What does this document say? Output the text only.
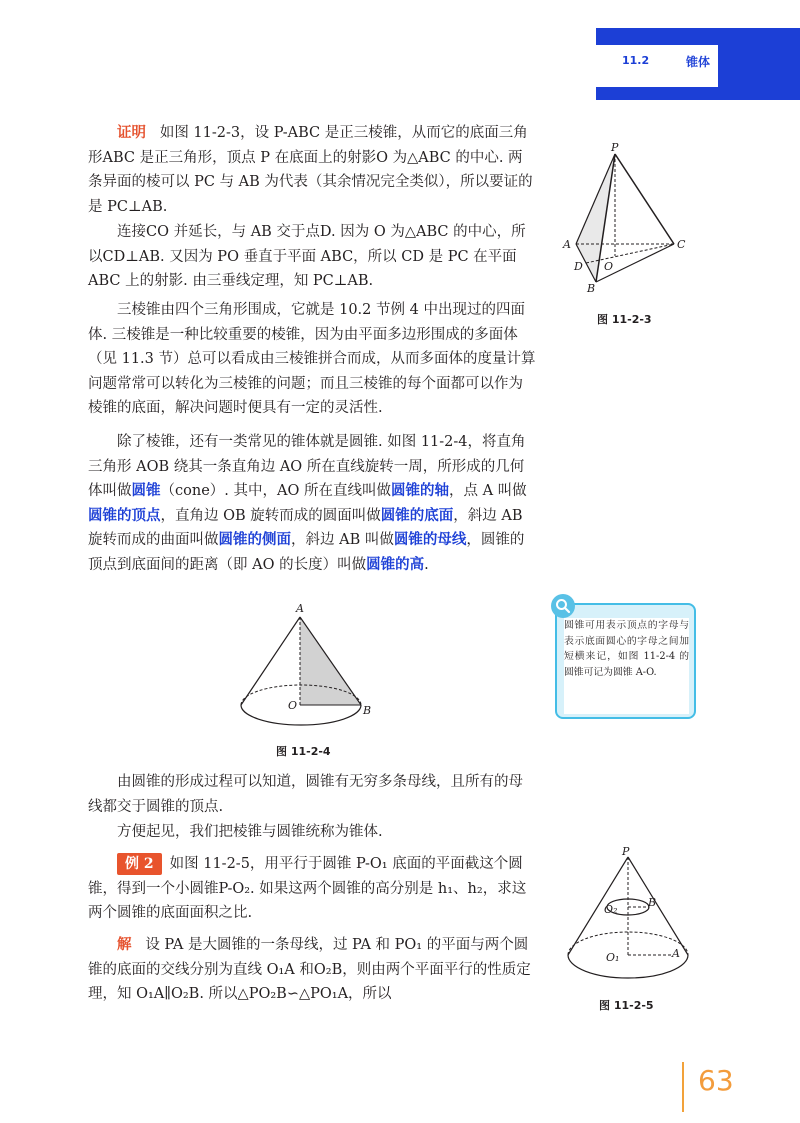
11.2	锥体

证明 如图 11-2-3，设 P-ABC 是正三棱锥，从而它的底面三角形ABC 是正三角形，顶点 P 在底面上的射影O 为△ABC 的中心. 两条异面的棱可以 PC 与 AB 为代表（其余情况完全类似），所以要证的是 PC⊥AB.

连接CO 并延长，与 AB 交于点D. 因为 O 为△ABC 的中心，所以CD⊥AB. 又因为 PO 垂直于平面 ABC，所以 CD 是 PC 在平面 ABC 上的射影. 由三垂线定理，知 PC⊥AB.

三棱锥由四个三角形围成，它就是 10.2 节例 4 中出现过的四面体. 三棱锥是一种比较重要的棱锥，因为由平面多边形围成的多面体（见 11.3 节）总可以看成由三棱锥拼合而成，从而多面体的度量计算问题常常可以转化为三棱锥的问题；而且三棱锥的每个面都可以作为棱锥的底面，解决问题时便具有一定的灵活性.

除了棱锥，还有一类常见的锥体就是圆锥. 如图 11-2-4，将直角三角形 AOB 绕其一条直角边 AO 所在直线旋转一周，所形成的几何体叫做圆锥（cone）. 其中，AO 所在直线叫做圆锥的轴，点 A 叫做圆锥的顶点，直角边 OB 旋转而成的圆面叫做圆锥的底面，斜边 AB 旋转而成的曲面叫做圆锥的侧面，斜边 AB 叫做圆锥的母线，圆锥的顶点到底面间的距离（即 AO 的长度）叫做圆锥的高.

P
A	C
D O
B
图 11-2-3
A
O	B
图 11-2-4

圆锥可用表示顶点的字母与表示底面圆心的字母之间加短横来记，如图 11-2-4 的圆锥可记为圆锥 A-O.

由圆锥的形成过程可以知道，圆锥有无穷多条母线，且所有的母线都交于圆锥的顶点.

方便起见，我们把棱锥与圆锥统称为锥体.

例 2 如图 11-2-5，用平行于圆锥 P-O₁ 底面的平面截这个圆锥，得到一个小圆锥P-O₂. 如果这两个圆锥的高分别是 h₁、h₂，求这两个圆锥的底面面积之比.

解 设 PA 是大圆锥的一条母线，过 PA 和 PO₁ 的平面与两个圆锥的底面的交线分别为直线 O₁A 和O₂B，则由两个平面平行的性质定理，知 O₁A∥O₂B. 所以△PO₂B∽△PO₁A，所以

P
O₂
B
O₁	A
图 11-2-5
63
